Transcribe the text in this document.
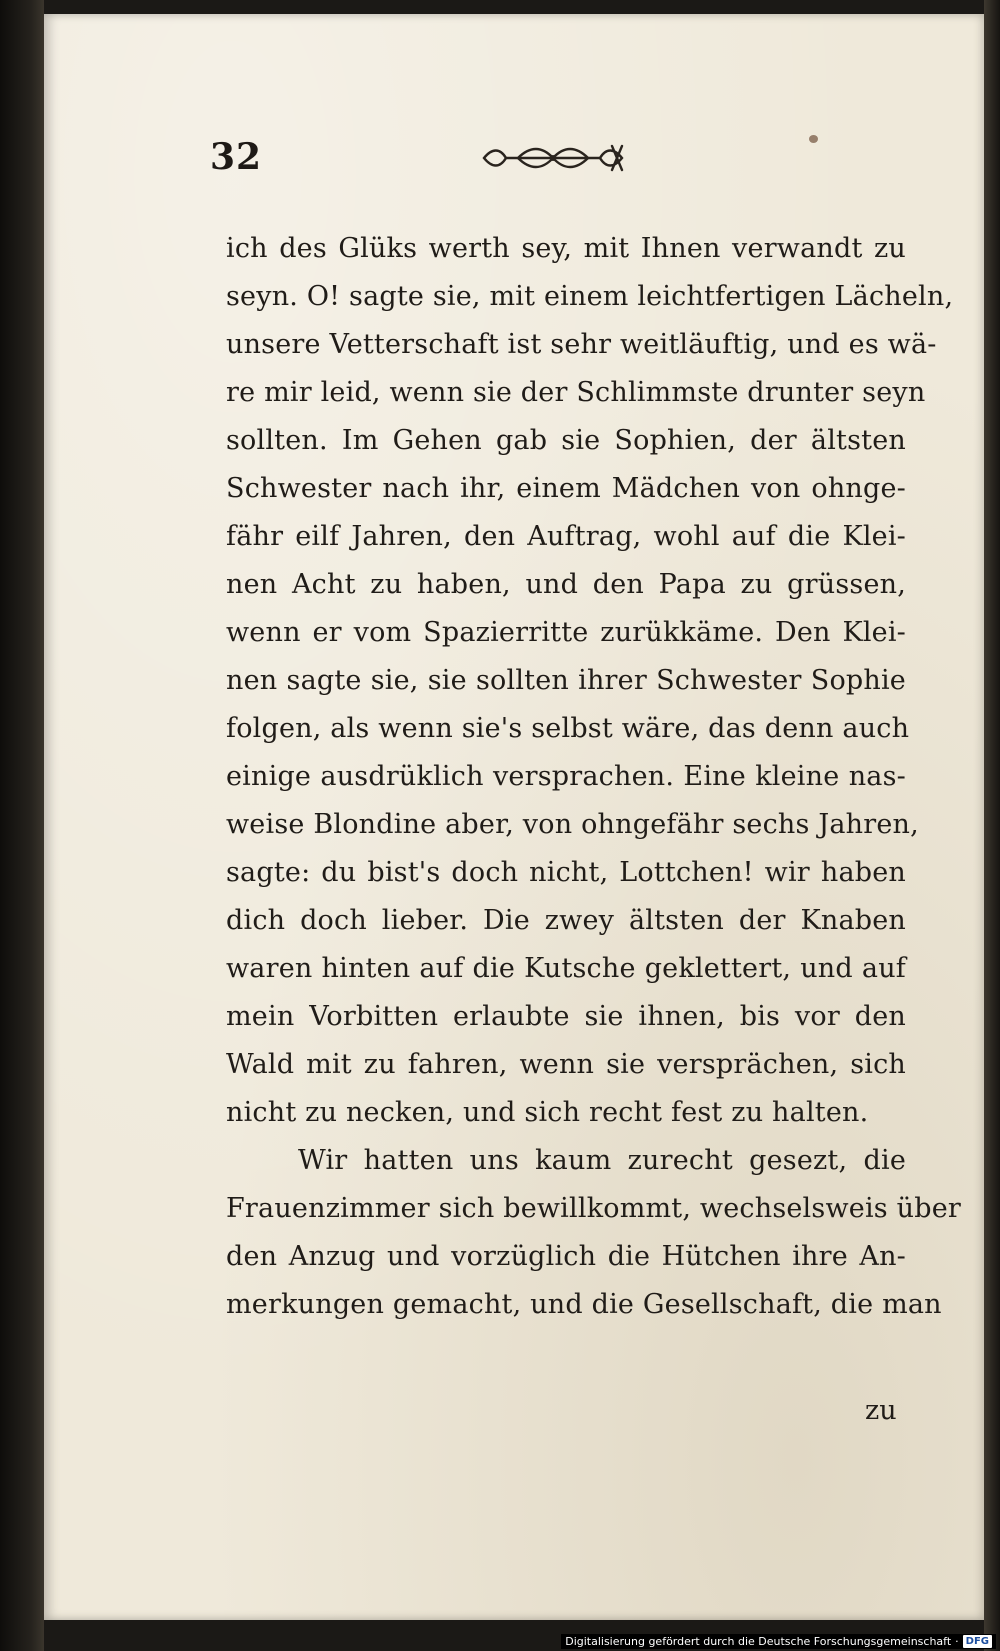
32
ich des Glüks werth sey, mit Ihnen verwandt zu
seyn. O! sagte sie, mit einem leichtfertigen Lächeln,
unsere Vetterschaft ist sehr weitläuftig, und es wä-
re mir leid, wenn sie der Schlimmste drunter seyn
sollten. Im Gehen gab sie Sophien, der ältsten
Schwester nach ihr, einem Mädchen von ohnge-
fähr eilf Jahren, den Auftrag, wohl auf die Klei-
nen Acht zu haben, und den Papa zu grüssen,
wenn er vom Spazierritte zurükkäme. Den Klei-
nen sagte sie, sie sollten ihrer Schwester Sophie
folgen, als wenn sie's selbst wäre, das denn auch
einige ausdrüklich versprachen. Eine kleine nas-
weise Blondine aber, von ohngefähr sechs Jahren,
sagte: du bist's doch nicht, Lottchen! wir haben
dich doch lieber. Die zwey ältsten der Knaben
waren hinten auf die Kutsche geklettert, und auf
mein Vorbitten erlaubte sie ihnen, bis vor den
Wald mit zu fahren, wenn sie versprächen, sich
nicht zu necken, und sich recht fest zu halten.
Wir hatten uns kaum zurecht gesezt, die
Frauenzimmer sich bewillkommt, wechselsweis über
den Anzug und vorzüglich die Hütchen ihre An-
merkungen gemacht, und die Gesellschaft, die man
zu
Digitalisierung gefördert durch die Deutsche Forschungsgemeinschaft · DFG
